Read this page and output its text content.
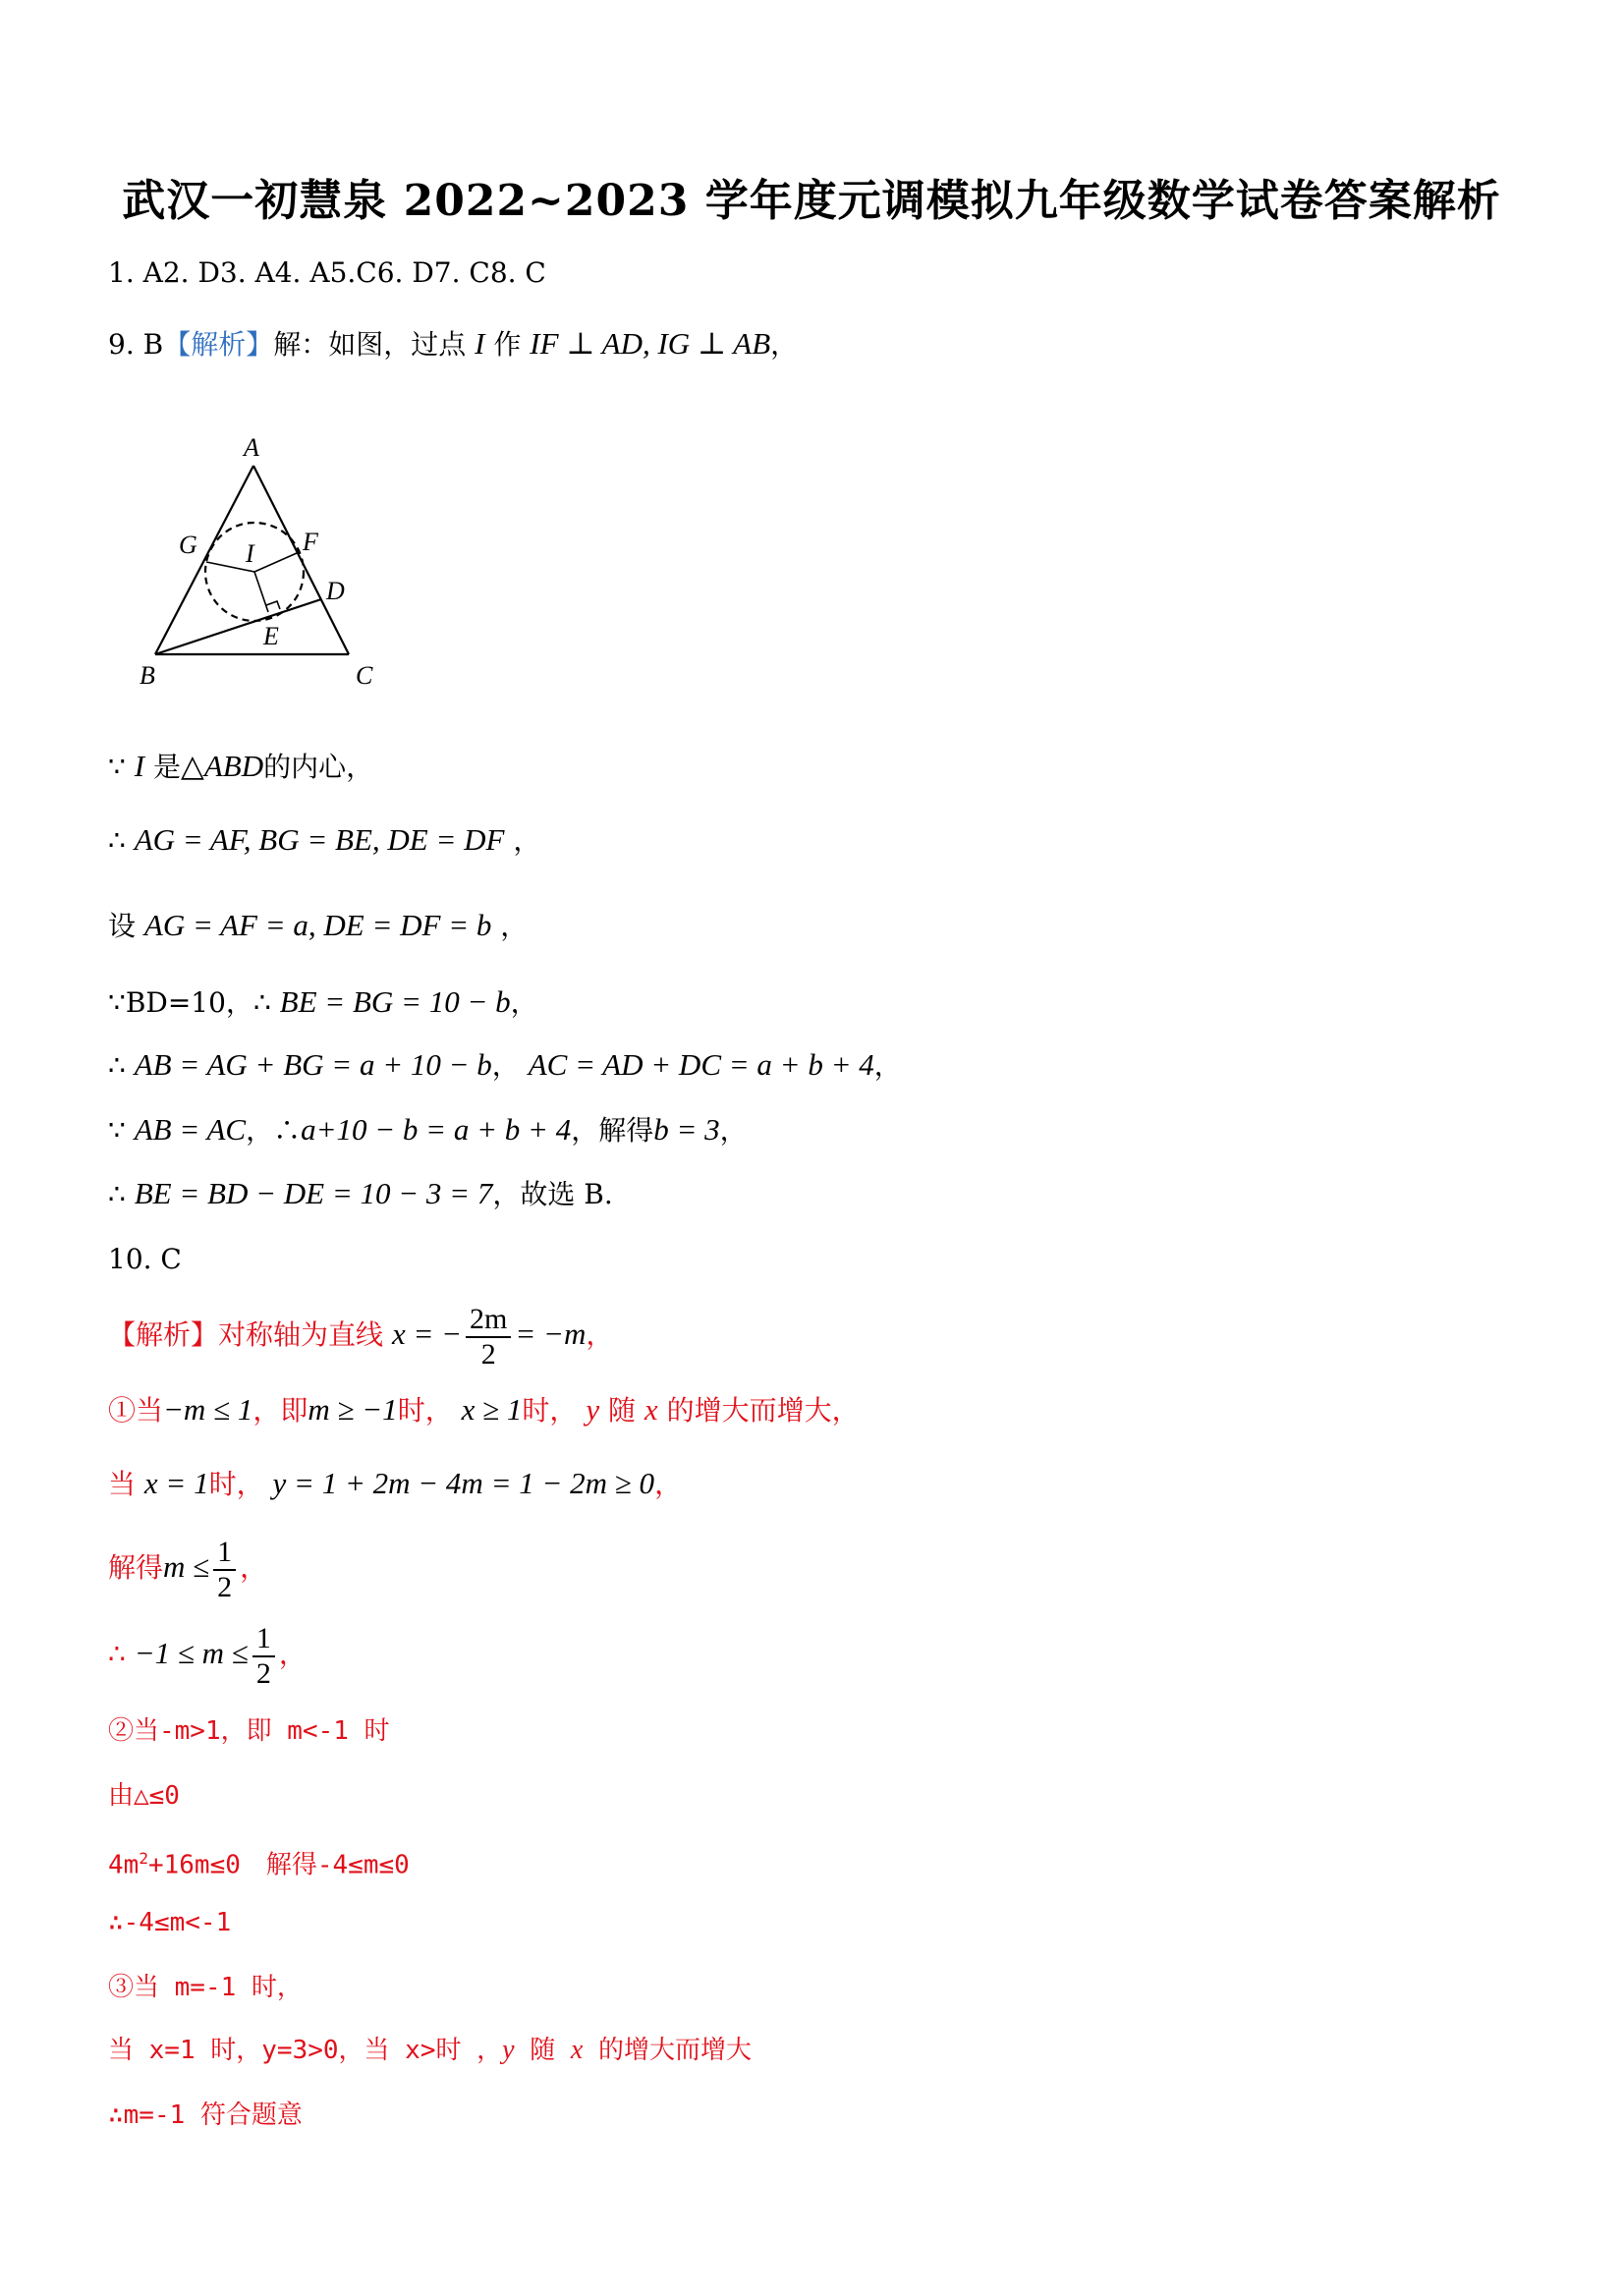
武汉一初慧泉 2022~2023 学年度元调模拟九年级数学试卷答案解析
1. A2. D3. A4. A5.C6. D7. C8. C
9. B【解析】解：如图，过点 I 作 IF ⊥ AD, IG ⊥ AB，
A
B	C
D
E
F
G I
∵ I 是△ABD的内心，
∴ AG = AF, BG = BE, DE = DF ，
设 AG = AF = a, DE = DF = b ，
∵BD=10，∴ BE = BG = 10 − b，
∴ AB = AG + BG = a + 10 − b， AC = AD + DC = a + b + 4，
∵ AB = AC，∴a+10 − b = a + b + 4，解得b = 3，
∴ BE = BD − DE = 10 − 3 = 7，故选 B.
10. C
【解析】对称轴为直线 x = − $\frac{2m}{2} = -m$，
①当−m ≤ 1，即m ≥ −1时， x ≥ 1时， y 随 x 的增大而增大，
当 x = 1时， y = 1 + 2m − 4m = 1 − 2m ≥ 0，
解得$m \le \frac{1}{2}$ ，
∴ $-1 \le m \le \frac{1}{2}$ ，
②当-m>1，即 m<-1 时
由△≤0
$4m^2+16m\le 0$　解得-4≤m≤0
∴-4≤m<-1
③当 m=-1 时，
当 x=1 时，y=3>0，当 x>时 ，y 随 x 的增大而增大
∴m=-1 符合题意
